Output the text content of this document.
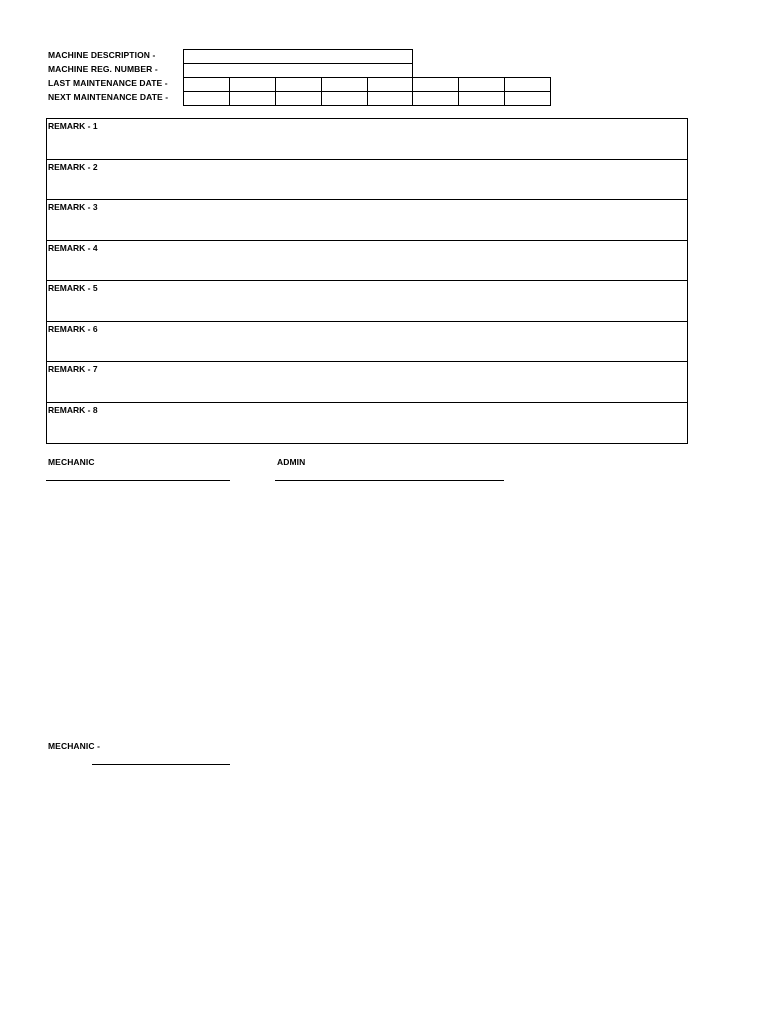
MACHINE DESCRIPTION -
MACHINE REG. NUMBER -
LAST MAINTENANCE DATE -
NEXT MAINTENANCE DATE -
REMARK - 1
REMARK - 2
REMARK - 3
REMARK - 4
REMARK - 5
REMARK - 6
REMARK - 7
REMARK - 8
MECHANIC	ADMIN
MECHANIC -
